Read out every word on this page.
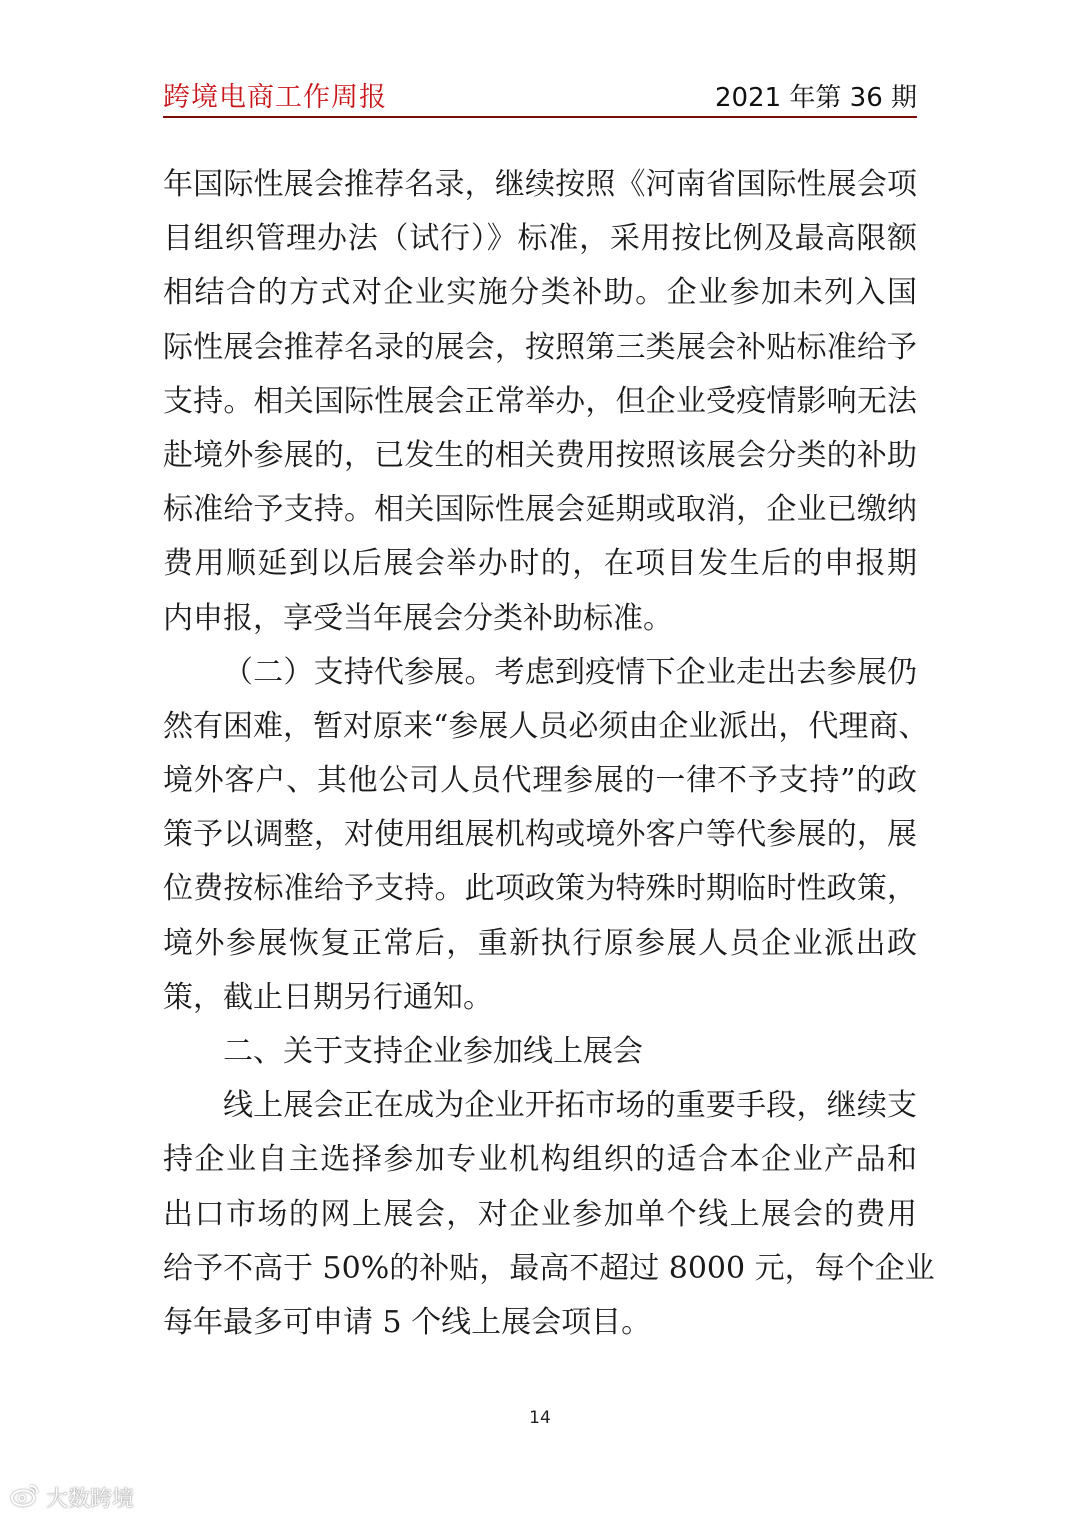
跨境电商工作周报	2021 年第 36 期
年国际性展会推荐名录，继续按照《河南省国际性展会项
目组织管理办法（试行）》标准，采用按比例及最高限额
相结合的方式对企业实施分类补助。企业参加未列入国
际性展会推荐名录的展会，按照第三类展会补贴标准给予
支持。相关国际性展会正常举办，但企业受疫情影响无法
赴境外参展的，已发生的相关费用按照该展会分类的补助
标准给予支持。相关国际性展会延期或取消，企业已缴纳
费用顺延到以后展会举办时的，在项目发生后的申报期
内申报，享受当年展会分类补助标准。
（二）支持代参展。考虑到疫情下企业走出去参展仍
然有困难，暂对原来“参展人员必须由企业派出，代理商、
境外客户、其他公司人员代理参展的一律不予支持”的政
策予以调整，对使用组展机构或境外客户等代参展的，展
位费按标准给予支持。此项政策为特殊时期临时性政策，
境外参展恢复正常后，重新执行原参展人员企业派出政
策，截止日期另行通知。
二、关于支持企业参加线上展会
线上展会正在成为企业开拓市场的重要手段，继续支
持企业自主选择参加专业机构组织的适合本企业产品和
出口市场的网上展会，对企业参加单个线上展会的费用
给予不高于 50%的补贴，最高不超过 8000 元，每个企业
每年最多可申请 5 个线上展会项目。
14
大数跨境
